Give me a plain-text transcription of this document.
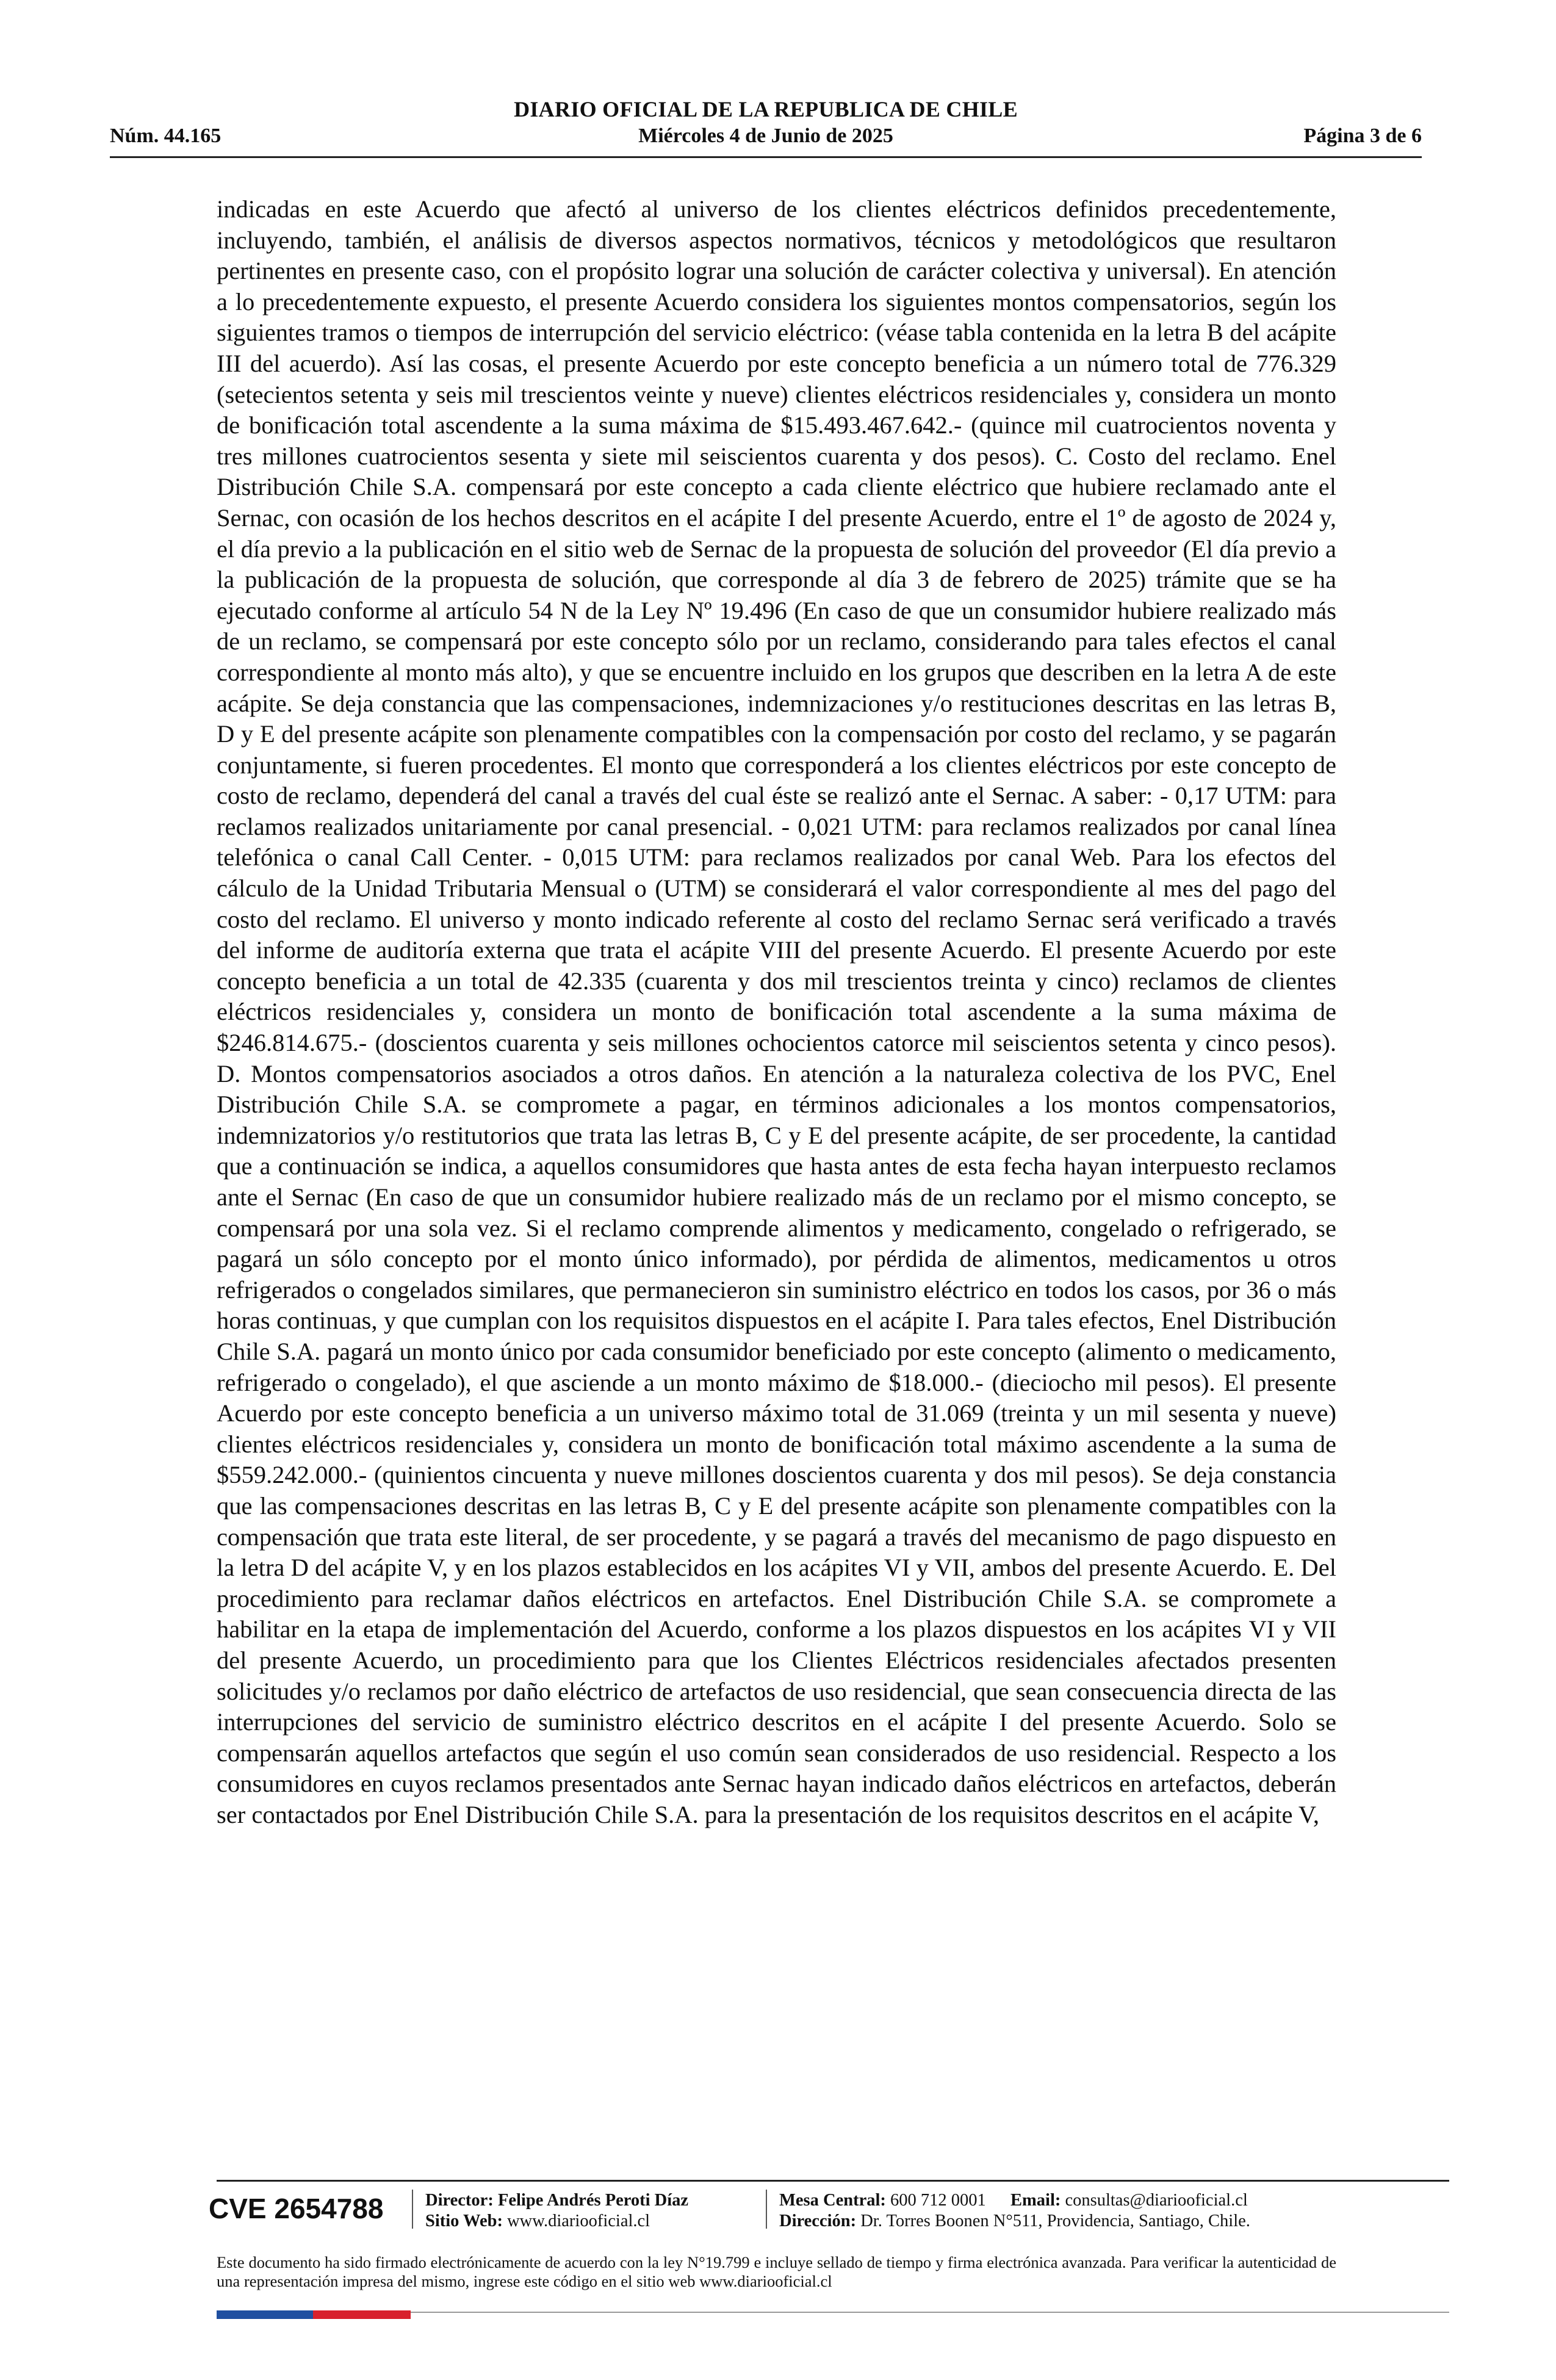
DIARIO OFICIAL DE LA REPUBLICA DE CHILE
Núm. 44.165	Miércoles 4 de Junio de 2025	Página 3 de 6

indicadas en este Acuerdo que afectó al universo de los clientes eléctricos definidos precedentemente, incluyendo, también, el análisis de diversos aspectos normativos, técnicos y metodológicos que resultaron pertinentes en presente caso, con el propósito lograr una solución de carácter colectiva y universal). En atención a lo precedentemente expuesto, el presente Acuerdo considera los siguientes montos compensatorios, según los siguientes tramos o tiempos de interrupción del servicio eléctrico: (véase tabla contenida en la letra B del acápite III del acuerdo). Así las cosas, el presente Acuerdo por este concepto beneficia a un número total de 776.329 (setecientos setenta y seis mil trescientos veinte y nueve) clientes eléctricos residenciales y, considera un monto de bonificación total ascendente a la suma máxima de $15.493.467.642.- (quince mil cuatrocientos noventa y tres millones cuatrocientos sesenta y siete mil seiscientos cuarenta y dos pesos). C. Costo del reclamo. Enel Distribución Chile S.A. compensará por este concepto a cada cliente eléctrico que hubiere reclamado ante el Sernac, con ocasión de los hechos descritos en el acápite I del presente Acuerdo, entre el 1º de agosto de 2024 y, el día previo a la publicación en el sitio web de Sernac de la propuesta de solución del proveedor (El día previo a la publicación de la propuesta de solución, que corresponde al día 3 de febrero de 2025) trámite que se ha ejecutado conforme al artículo 54 N de la Ley Nº 19.496 (En caso de que un consumidor hubiere realizado más de un reclamo, se compensará por este concepto sólo por un reclamo, considerando para tales efectos el canal correspondiente al monto más alto), y que se encuentre incluido en los grupos que describen en la letra A de este acápite. Se deja constancia que las compensaciones, indemnizaciones y/o restituciones descritas en las letras B, D y E del presente acápite son plenamente compatibles con la compensación por costo del reclamo, y se pagarán conjuntamente, si fueren procedentes. El monto que corresponderá a los clientes eléctricos por este concepto de costo de reclamo, dependerá del canal a través del cual éste se realizó ante el Sernac. A saber: - 0,17 UTM: para reclamos realizados unitariamente por canal presencial. - 0,021 UTM: para reclamos realizados por canal línea telefónica o canal Call Center. - 0,015 UTM: para reclamos realizados por canal Web. Para los efectos del cálculo de la Unidad Tributaria Mensual o (UTM) se considerará el valor correspondiente al mes del pago del costo del reclamo. El universo y monto indicado referente al costo del reclamo Sernac será verificado a través del informe de auditoría externa que trata el acápite VIII del presente Acuerdo. El presente Acuerdo por este concepto beneficia a un total de 42.335 (cuarenta y dos mil trescientos treinta y cinco) reclamos de clientes eléctricos residenciales y, considera un monto de bonificación total ascendente a la suma máxima de $246.814.675.- (doscientos cuarenta y seis millones ochocientos catorce mil seiscientos setenta y cinco pesos). D. Montos compensatorios asociados a otros daños. En atención a la naturaleza colectiva de los PVC, Enel Distribución Chile S.A. se compromete a pagar, en términos adicionales a los montos compensatorios, indemnizatorios y/o restitutorios que trata las letras B, C y E del presente acápite, de ser procedente, la cantidad que a continuación se indica, a aquellos consumidores que hasta antes de esta fecha hayan interpuesto reclamos ante el Sernac (En caso de que un consumidor hubiere realizado más de un reclamo por el mismo concepto, se compensará por una sola vez. Si el reclamo comprende alimentos y medicamento, congelado o refrigerado, se pagará un sólo concepto por el monto único informado), por pérdida de alimentos, medicamentos u otros refrigerados o congelados similares, que permanecieron sin suministro eléctrico en todos los casos, por 36 o más horas continuas, y que cumplan con los requisitos dispuestos en el acápite I. Para tales efectos, Enel Distribución Chile S.A. pagará un monto único por cada consumidor beneficiado por este concepto (alimento o medicamento, refrigerado o congelado), el que asciende a un monto máximo de $18.000.- (dieciocho mil pesos). El presente Acuerdo por este concepto beneficia a un universo máximo total de 31.069 (treinta y un mil sesenta y nueve) clientes eléctricos residenciales y, considera un monto de bonificación total máximo ascendente a la suma de $559.242.000.- (quinientos cincuenta y nueve millones doscientos cuarenta y dos mil pesos). Se deja constancia que las compensaciones descritas en las letras B, C y E del presente acápite son plenamente compatibles con la compensación que trata este literal, de ser procedente, y se pagará a través del mecanismo de pago dispuesto en la letra D del acápite V, y en los plazos establecidos en los acápites VI y VII, ambos del presente Acuerdo. E. Del procedimiento para reclamar daños eléctricos en artefactos. Enel Distribución Chile S.A. se compromete a habilitar en la etapa de implementación del Acuerdo, conforme a los plazos dispuestos en los acápites VI y VII del presente Acuerdo, un procedimiento para que los Clientes Eléctricos residenciales afectados presenten solicitudes y/o reclamos por daño eléctrico de artefactos de uso residencial, que sean consecuencia directa de las interrupciones del servicio de suministro eléctrico descritos en el acápite I del presente Acuerdo. Solo se compensarán aquellos artefactos que según el uso común sean considerados de uso residencial. Respecto a los consumidores en cuyos reclamos presentados ante Sernac hayan indicado daños eléctricos en artefactos, deberán ser contactados por Enel Distribución Chile S.A. para la presentación de los requisitos descritos en el acápite V,

CVE 2654788	Director: Felipe Andrés Peroti Díaz
Sitio Web: www.diariooficial.cl
Mesa Central: 600 712 0001 Email: consultas@diariooficial.cl
Dirección: Dr. Torres Boonen N°511, Providencia, Santiago, Chile.

Este documento ha sido firmado electrónicamente de acuerdo con la ley N°19.799 e incluye sellado de tiempo y firma electrónica avanzada. Para verificar la autenticidad de una representación impresa del mismo, ingrese este código en el sitio web www.diariooficial.cl
